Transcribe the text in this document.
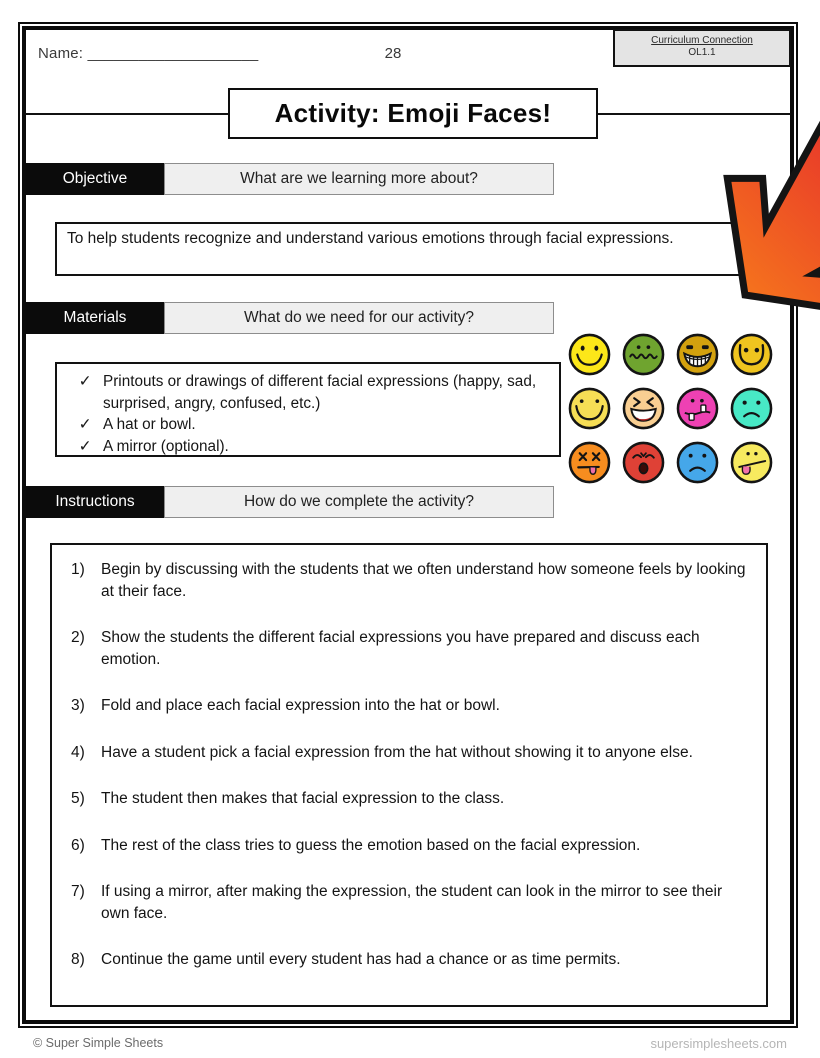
Name: ____________________	28
Curriculum Connection
OL1.1
Activity: Emoji Faces!
Objective	What are we learning more about?
To help students recognize and understand various emotions through facial expressions.
Materials	What do we need for our activity?
✓ Printouts or drawings of different facial expressions (happy, sad, surprised, angry, confused, etc.)
✓ A hat or bowl.
✓ A mirror (optional).
Instructions	How do we complete the activity?
1)	Begin by discussing with the students that we often understand how someone feels by looking at their face.
2)	Show the students the different facial expressions you have prepared and discuss each emotion.
3)	Fold and place each facial expression into the hat or bowl.
4)	Have a student pick a facial expression from the hat without showing it to anyone else.
5)	The student then makes that facial expression to the class.
6)	The rest of the class tries to guess the emotion based on the facial expression.
7)	If using a mirror, after making the expression, the student can look in the mirror to see their own face.
8)	Continue the game until every student has had a chance or as time permits.
© Super Simple Sheets	supersimplesheets.com
